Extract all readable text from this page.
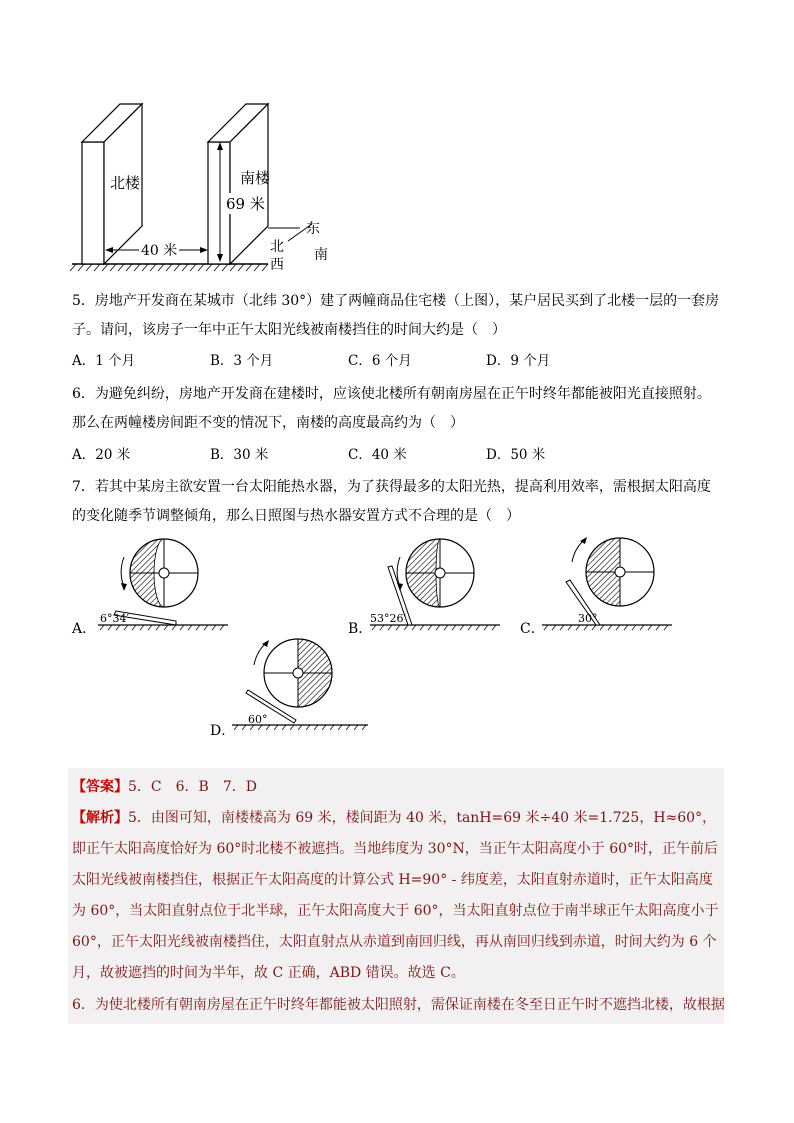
北楼	南楼
69 米
40 米
东
北 南
西
5．房地产开发商在某城市（北纬 30°）建了两幢商品住宅楼（上图），某户居民买到了北楼一层的一套房子。请问，该房子一年中正午太阳光线被南楼挡住的时间大约是（　）
A．1 个月	B．3 个月	C．6 个月	D．9 个月
6．为避免纠纷，房地产开发商在建楼时，应该使北楼所有朝南房屋在正午时终年都能被阳光直接照射。那么在两幢楼房间距不变的情况下，南楼的高度最高约为（　）
A．20 米	B．30 米	C．40 米	D．50 米
7．若其中某房主欲安置一台太阳能热水器，为了获得最多的太阳光热，提高利用效率，需根据太阳高度的变化随季节调整倾角，那么日照图与热水器安置方式不合理的是（　）
A．
6°34′
B．
53°26′
C．
30°
D．
60°
【答案】5．C　6．B　7．D
【解析】5．由图可知，南楼楼高为 69 米，楼间距为 40 米，tanH=69 米÷40 米=1.725，H≈60°，即正午太阳高度恰好为 60°时北楼不被遮挡。当地纬度为 30°N，当正午太阳高度小于 60°时，正午前后太阳光线被南楼挡住，根据正午太阳高度的计算公式 H=90° - 纬度差，太阳直射赤道时，正午太阳高度为 60°，当太阳直射点位于北半球，正午太阳高度大于 60°，当太阳直射点位于南半球正午太阳高度小于 60°，正午太阳光线被南楼挡住，太阳直射点从赤道到南回归线，再从南回归线到赤道，时间大约为 6 个月，故被遮挡的时间为半年，故 C 正确，ABD 错误。故选 C。
6．为使北楼所有朝南房屋在正午时终年都能被太阳照射，需保证南楼在冬至日正午时不遮挡北楼，故根据
